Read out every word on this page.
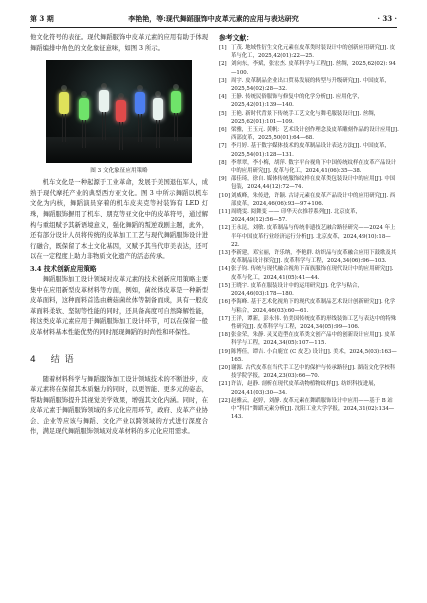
第 3 期	李艳艳，等:现代舞蹈服饰中皮革元素的应用与表达研究	· 33 ·

他文化符号的表征。现代舞蹈服饰中皮革元素的应用有助于体现舞蹈编排中角色的文化象征意味，如图 3 所示。

图 3 文化象征应用策略

机车文化是一种起源于工业革命，发展于美国退伍军人，成熟于现代摩托产业的典型西方亚文化。图 3 中所示舞蹈以机车文化为内核，舞蹈演员穿着的机车皮夹克等衬装饰有 LED 灯珠，舞蹈服饰摒用了机车、朋克等亚文化中的皮革符号，通过解构与重组赋予其新语境意义，强化舞蹈的叛逆戏剧主题，此外，还有部分设计人员将传统的皮革加工工艺与现代舞蹈服饰设计进行融合，既保留了本土文化基因，又赋予其当代审美表达，还可以在一定程度上助力非物质文化遗产的活态传承。

3.4 技术创新应用策略

舞蹈服饰加工设计领域对皮革元素的技术创新应用策略主要集中在应用新型皮革材料等方面，例如，菌丝体皮革是一种新型皮革面料，这种面料首选由蘑菇菌丝体等制备而成，具有一般皮革面料柔软、坚韧等性能的同时，还具备高度可自然降解性能，将这类皮革元素应用于舞蹈服饰加工设计环节，可以在保留一般皮革材料基本性能优势的同时展现舞蹈的时尚性和环保性。

4 结 语

随着材料科学与舞蹈服饰加工设计领域技术的不断进步，皮革元素将在保留其本质魅力的同时，以更智能、更多元的姿态，帮助舞蹈服饰提升其视觉美学效果，增强其文化内涵。同时，在皮革元素于舞蹈服饰领域的多元化应用环节，政府、皮革产业协会、企业等应该与舞蹈、文化产业以跨领域的方式进行深度合作，满足现代舞蹈服饰领域对皮革材料的多元化应用需求。

参考文献：
[1] 丁茂. 地域性衍生文化元素在皮革类时装设计中的创新应用研究[J]. 皮革与化工，2025,42(01):22—25.
[2] 刘向东，李斌，张宏杰. 皮革科学与工程[J]. 丝绸，2025,62(02): 94—100.
[3] 周宇. 皮革制品企业出口贸易发展的转型与升级研究[J]. 中国皮革，2025,54(02):28—32.
[4] 王静. 传统民俗服饰与修复中的化学分析[J]. 应用化学，2025,42(01):139—140.
[5] 王艳. 新时代背景下传统手工艺文化与舞毛服装设计[J]. 丝绸，2025,62(01):101—109.
[6] 梁雅，王玉元. 黄帆：艺术设计创作理念及皮革雕刻作品的设计应用[J]. 西部皮革，2025,50(01):64—68.
[7] 李月婷. 基于数字媒体技术的皮革制品设计表达方法[J]. 中国皮革，2025,54(01):128—131.
[8] 李翠翠，李小梅，胡萍. 数字平台视角下中国传统纹样在皮革产品设计中的应用研究[J]. 皮革与化工，2024,41(06):35—38.
[9] 邵佳琦，徐自. 媒体传统服饰纹样在皮革类包装设计中的应用[J]. 中国包装，2024,44(12):72—74.
[10]刘威峰，朱传进，许颖. 古诗元素在皮革产品设计中的应用研究[J]. 西部皮革，2024,46(06):93—97+106.
[11]周晓雯. 阅舞变 —— 印华天衣推荐系列[J]. 北京皮革，2024,49(12):56—57.
[12]王永昆，刘敏. 皮革制品与传统非遗技艺融合路径研究——2024 年上半年中国皮革行业经济运行分析[J]. 北京皮革，2024,49(10):18—22.
[13]李新建，邓宝丽，许乐纳，李艳群. 纺织品与皮革融合应用下鼓歌及其皮革制品设计探究[J]. 皮革科学与工程，2024,34(06):96—103.
[14]张子钧. 传统与现代融合视角下苗族服饰在现代设计中的应用研究[J]. 皮革与化工，2024,41(05):41—44.
[15]王晓宇. 皮革在服装设计中的运用研究[J]. 化学与粘合，2024,46(03):178—180.
[16]李海峰. 基于艺术化视角下的现代皮革制品艺术设计创新研究[J]. 化学与粘合，2024,46(03):60—61.
[17]王洋，谭新，彭永伟. 仿美国传统皮革的形线装饰工艺与表达中的特殊性研究[J]. 皮革科学与工程，2024,34(05):99—106.
[18]张金荣，朱静. 灵叉造型在皮革类文创产品中的创新设计应用[J]. 皮革科学与工程，2024,34(05):107—115.
[19]陈博佳，谭吉. 小白鹿宜 (C 皮艺) 设计[J]. 美术，2024,5(03):163—165.
[20]谢源. 古代皮革在当代手工艺中的保护与传承路径[J]. 湖南文化学校科技学院学报，2024,23(03):66—70.
[21]许洁，赵静. 剖析在现代皮革动物植物纹样[J]. 纺织科技进展，2024,41(03):30—34.
[22]赵雅云，赵婷，刘静. 皮革元素在舞蹈服饰设计中应用——基于 B 站中“科目”舞蹈元素分析[J]. 沈阳工业大学学报，2024,31(02):134—143.
